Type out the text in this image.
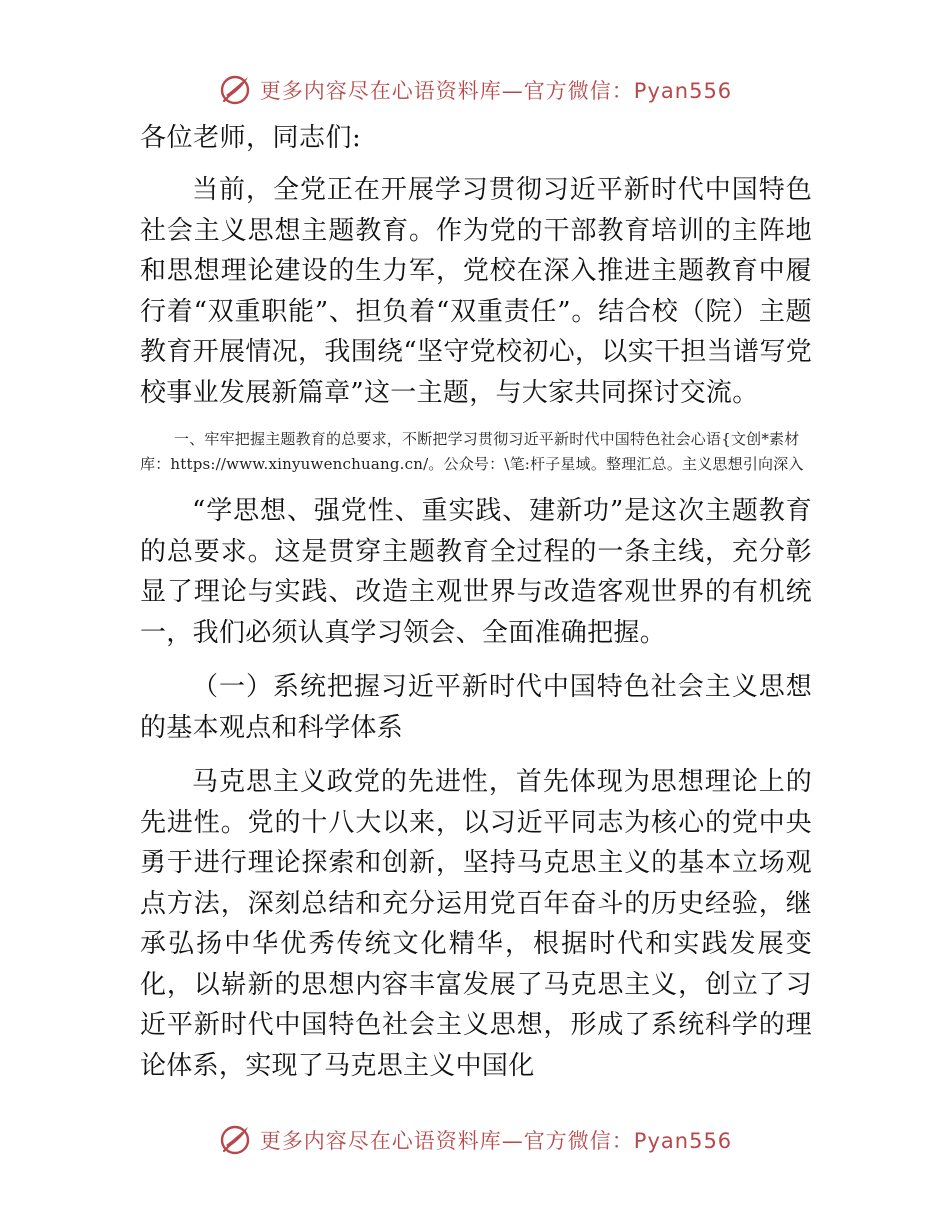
更多内容尽在心语资料库—官方微信：Pyan556

各位老师，同志们:

当前，全党正在开展学习贯彻习近平新时代中国特色社会主义思想主题教育。作为党的干部教育培训的主阵地和思想理论建设的生力军，党校在深入推进主题教育中履行着“双重职能”、担负着“双重责任”。结合校（院）主题教育开展情况，我围绕“坚守党校初心，以实干担当谱写党校事业发展新篇章”这一主题，与大家共同探讨交流。

一、牢牢把握主题教育的总要求，不断把学习贯彻习近平新时代中国特色社会心语{文创*素材库：https://www.xinyuwenchuang.cn/。公众号：\笔:杆子星域。整理汇总。主义思想引向深入

“学思想、强党性、重实践、建新功”是这次主题教育的总要求。这是贯穿主题教育全过程的一条主线，充分彰显了理论与实践、改造主观世界与改造客观世界的有机统一，我们必须认真学习领会、全面准确把握。

（一）系统把握习近平新时代中国特色社会主义思想的基本观点和科学体系

马克思主义政党的先进性，首先体现为思想理论上的先进性。党的十八大以来，以习近平同志为核心的党中央勇于进行理论探索和创新，坚持马克思主义的基本立场观点方法，深刻总结和充分运用党百年奋斗的历史经验，继承弘扬中华优秀传统文化精华，根据时代和实践发展变化，以崭新的思想内容丰富发展了马克思主义，创立了习近平新时代中国特色社会主义思想，形成了系统科学的理论体系，实现了马克思主义中国化

更多内容尽在心语资料库—官方微信：Pyan556
